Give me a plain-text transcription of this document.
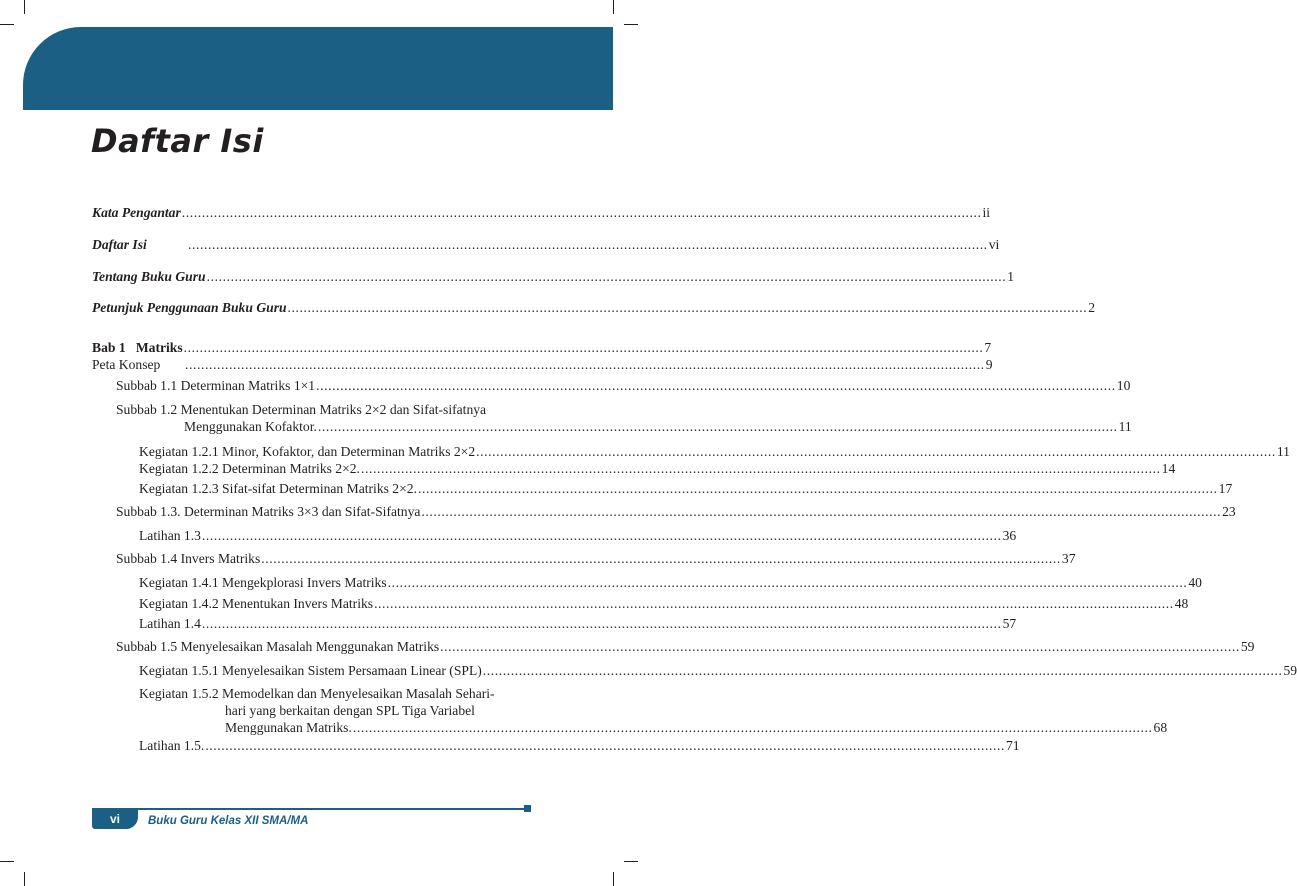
Daftar Isi
Kata Pengantar ........................................................................................................................................................................................................ ii
Daftar Isi	........................................................................................................................................................................................................ vi
Tentang Buku Guru ........................................................................................................................................................................................................ 1
Petunjuk Penggunaan Buku Guru ........................................................................................................................................................................................................ 2
Bab 1   Matriks ........................................................................................................................................................................................................ 7
Peta Konsep	........................................................................................................................................................................................................ 9
Subbab 1.1 Determinan Matriks 1×1 ........................................................................................................................................................................................................ 10
Subbab 1.2 Menentukan Determinan Matriks 2×2 dan Sifat-sifatnya
Menggunakan Kofaktor. ........................................................................................................................................................................................................ 11
Kegiatan 1.2.1 Minor, Kofaktor, dan Determinan Matriks 2×2 ........................................................................................................................................................................................................ 11
Kegiatan 1.2.2 Determinan Matriks 2×2. ........................................................................................................................................................................................................ 14
Kegiatan 1.2.3 Sifat-sifat Determinan Matriks 2×2. ........................................................................................................................................................................................................ 17
Subbab 1.3. Determinan Matriks 3×3 dan Sifat-Sifatnya ........................................................................................................................................................................................................ 23
Latihan 1.3 ........................................................................................................................................................................................................ 36
Subbab 1.4 Invers Matriks ........................................................................................................................................................................................................ 37
Kegiatan 1.4.1 Mengekplorasi Invers Matriks ........................................................................................................................................................................................................ 40
Kegiatan 1.4.2 Menentukan Invers Matriks ........................................................................................................................................................................................................ 48
Latihan 1.4 ........................................................................................................................................................................................................ 57
Subbab 1.5 Menyelesaikan Masalah Menggunakan Matriks ........................................................................................................................................................................................................ 59
Kegiatan 1.5.1 Menyelesaikan Sistem Persamaan Linear (SPL) ........................................................................................................................................................................................................ 59
Kegiatan 1.5.2 Memodelkan dan Menyelesaikan Masalah Sehari-
hari yang berkaitan dengan SPL Tiga Variabel
Menggunakan Matriks. ........................................................................................................................................................................................................ 68
Latihan 1.5. ........................................................................................................................................................................................................ 71
vi	Buku Guru Kelas XII SMA/MA
